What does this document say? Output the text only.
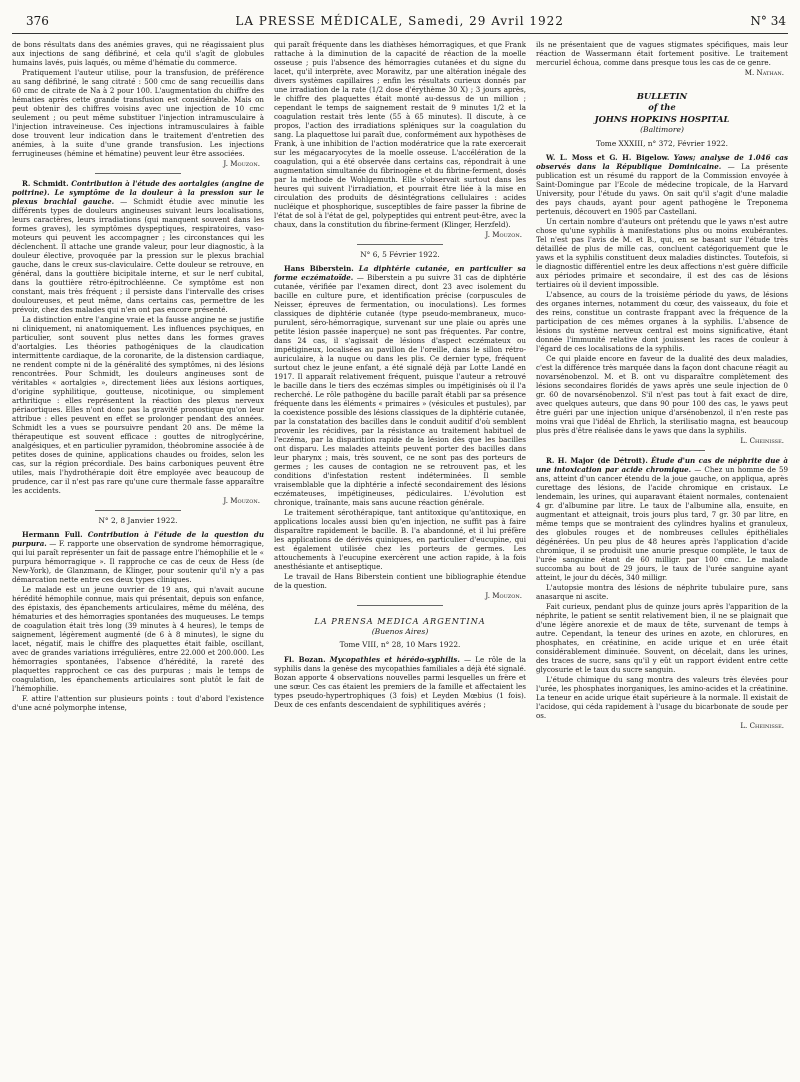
376	LA PRESSE MÉDICALE, Samedi, 29 Avril 1922	N° 34

de bons résultats dans des anémies graves, qui ne réagissaient plus aux injections de sang défibriné, et cela qu'il s'agît de globules humains lavés, puis laqués, ou même d'hématie du commerce.

Pratiquement l'auteur utilise, pour la transfusion, de préférence au sang défibriné, le sang citraté : 500 cmc de sang recueillis dans 60 cmc de citrate de Na à 2 pour 100. L'augmentation du chiffre des hématies après cette grande transfusion est considérable. Mais on peut obtenir des chiffres voisins avec une injection de 10 cmc seulement ; ou peut même substituer l'injection intramusculaire à l'injection intraveineuse. Ces injections intramusculaires à faible dose trouvent leur indication dans le traitement d'entretien des anémies, à la suite d'une grande transfusion. Les injections ferrugineuses (hémine et hématine) peuvent leur être associées.

J. Mouzon.

R. Schmidt. Contribution à l'étude des aortalgies (angine de poitrine). Le symptôme de la douleur à la pression sur le plexus brachial gauche. — Schmidt étudie avec minutie les différents types de douleurs angineuses suivant leurs localisations, leurs caractères, leurs irradiations (qui manquent souvent dans les formes graves), les symptômes dyspeptiques, respiratoires, vaso-moteurs qui peuvent les accompagner ; les circonstances qui les déclenchent. Il attache une grande valeur, pour leur diagnostic, à la douleur élective, provoquée par la pression sur le plexus brachial gauche, dans le creux sus-claviculaire. Cette douleur se retrouve, en général, dans la gouttière bicipitale interne, et sur le nerf cubital, dans la gouttière rétro-épitrochléenne. Ce symptôme est non constant, mais très fréquent ; il persiste dans l'intervalle des crises douloureuses, et peut même, dans certains cas, permettre de les prévoir, chez des malades qui n'en ont pas encore présenté.

La distinction entre l'angine vraie et la fausse angine ne se justifie ni cliniquement, ni anatomiquement. Les influences psychiques, en particulier, sont souvent plus nettes dans les formes graves d'aortalgies. Les théories pathogéniques de la claudication intermittente cardiaque, de la coronarite, de la distension cardiaque, ne rendent compte ni de la généralité des symptômes, ni des lésions rencontrées. Pour Schmidt, les douleurs angineuses sont de véritables « aortalgies », directement liées aux lésions aortiques, d'origine syphilitique, goutteuse, nicotinique, ou simplement arthritique : elles représentent la réaction des plexus nerveux périaortiques. Elles n'ont donc pas la gravité pronostique qu'on leur attribue : elles peuvent en effet se prolonger pendant des années. Schmidt les a vues se poursuivre pendant 20 ans. De même la thérapeutique est souvent efficace : gouttes de nitroglycérine, analgésiques, et en particulier pyramidon, théobromine associée à de petites doses de quinine, applications chaudes ou froides, selon les cas, sur la région précordiale. Des bains carboniques peuvent être utiles, mais l'hydrothérapie doit être employée avec beaucoup de prudence, car il n'est pas rare qu'une cure thermale fasse apparaître les accidents.

J. Mouzon.
N° 2, 8 Janvier 1922.

Hermann Full. Contribution à l'étude de la question du purpura. — F. rapporte une observation de syndrome hémorragique, qui lui paraît représenter un fait de passage entre l'hémophilie et le « purpura hémorragique ». Il rapproche ce cas de ceux de Hess (de New-York), de Glanzmann, de Klinger, pour soutenir qu'il n'y a pas démarcation nette entre ces deux types cliniques.

Le malade est un jeune ouvrier de 19 ans, qui n'avait aucune hérédité hémophile connue, mais qui présentait, depuis son enfance, des épistaxis, des épanchements articulaires, même du méléna, des hématuries et des hémorragies spontanées des muqueuses. Le temps de coagulation était très long (39 minutes à 4 heures), le temps de saignement, légèrement augmenté (de 6 à 8 minutes), le signe du lacet, négatif, mais le chiffre des plaquettes était faible, oscillant, avec de grandes variations irrégulières, entre 22.000 et 200.000. Les hémorragies spontanées, l'absence d'hérédité, la rareté des plaquettes rapprochent ce cas des purpuras ; mais le temps de coagulation, les épanchements articulaires sont plutôt le fait de l'hémophilie.

F. attire l'attention sur plusieurs points : tout d'abord l'existence d'une acné polymorphe intense,

qui paraît fréquente dans les diathèses hémorragiques, et que Frank rattache à la diminution de la capacité de réaction de la moelle osseuse ; puis l'absence des hémorragies cutanées et du signe du lacet, qu'il interprète, avec Morawitz, par une altération inégale des divers systèmes capillaires ; enfin les résultats curieux donnés par une irradiation de la rate (1/2 dose d'érythème 30 X) ; 3 jours après, le chiffre des plaquettes était monté au-dessus de un million ; cependant le temps de saignement restait de 9 minutes 1/2 et la coagulation restait très lente (55 à 65 minutes). Il discute, à ce propos, l'action des irradiations spléniques sur la coagulation du sang. La plaquettose lui paraît due, conformément aux hypothèses de Frank, à une inhibition de l'action modératrice que la rate exercerait sur les mégacaryocytes de la moelle osseuse. L'accélération de la coagulation, qui a été observée dans certains cas, répondrait à une augmentation simultanée du fibrinogène et du fibrine-ferment, dosés par la méthode de Wohlgemuth. Elle s'observait surtout dans les heures qui suivent l'irradiation, et pourrait être liée à la mise en circulation des produits de désintégrations cellulaires : acides nucléique et phosphorique, susceptibles de faire passer la fibrine de l'état de sol à l'état de gel, polypeptides qui entrent peut-être, avec la chaux, dans la constitution du fibrine-ferment (Klinger, Herzfeld).

J. Mouzon.
N° 6, 5 Février 1922.

Hans Biberstein. La diphtérie cutanée, en particulier sa forme eczématoïde. — Biberstein a pu suivre 31 cas de diphtérie cutanée, vérifiée par l'examen direct, dont 23 avec isolement du bacille en culture pure, et identification précise (corpuscules de Neisser, épreuves de fermentation, ou inoculations). Les formes classiques de diphtérie cutanée (type pseudo-membraneux, muco-purulent, séro-hémorragique, survenant sur une plaie ou après une petite lésion passée inaperçue) ne sont pas fréquentes. Par contre, dans 24 cas, il s'agissait de lésions d'aspect eczémateux ou impétigineux, localisées au pavillon de l'oreille, dans le sillon rétro-auriculaire, à la nuque ou dans les plis. Ce dernier type, fréquent surtout chez le jeune enfant, a été signalé déjà par Lotte Landé en 1917. Il apparaît relativement fréquent, puisque l'auteur a retrouvé le bacille dans le tiers des eczémas simples ou impétiginisés où il l'a recherché. Le rôle pathogène du bacille paraît établi par sa présence fréquente dans les éléments « primaires » (vésicules et pustules), par la coexistence possible des lésions classiques de la diphtérie cutanée, par la constatation des bacilles dans le conduit auditif d'où semblent provenir les récidives, par la résistance au traitement habituel de l'eczéma, par la disparition rapide de la lésion dès que les bacilles ont disparu. Les malades atteints peuvent porter des bacilles dans leur pharynx ; mais, très souvent, ce ne sont pas des porteurs de germes ; les causes de contagion ne se retrouvent pas, et les conditions d'infestation restent indéterminées. Il semble vraisemblable que la diphtérie a infecté secondairement des lésions eczémateuses, impétigineuses, pédiculaires. L'évolution est chronique, traînante, mais sans aucune réaction générale.

Le traitement sérothérapique, tant antitoxique qu'antitoxique, en applications locales aussi bien qu'en injection, ne suffit pas à faire disparaître rapidement le bacille. B. l'a abandonné, et il lui préfère les applications de dérivés quiniques, en particulier d'eucupine, qui est également utilisée chez les porteurs de germes. Les attouchements à l'eucupine exercèrent une action rapide, à la fois anesthésiante et antiseptique.

Le travail de Hans Biberstein contient une bibliographie étendue de la question.

J. Mouzon.
LA PRENSA MEDICA ARGENTINA
(Buenos Aires)
Tome VIII, n° 28, 10 Mars 1922.

Fl. Bozan. Mycopathies et hérédo-syphilis. — Le rôle de la syphilis dans la genèse des mycopathies familiales a déjà été signalé. Bozan apporte 4 observations nouvelles parmi lesquelles un frère et une sœur. Ces cas étaient les premiers de la famille et affectaient les types pseudo-hypertrophiques (3 fois) et Leyden Mœbius (1 fois). Deux de ces enfants descendaient de syphilitiques avérés ;

ils ne présentaient que de vagues stigmates spécifiques, mais leur réaction de Wassermann était fortement positive. Le traitement mercuriel échoua, comme dans presque tous les cas de ce genre.

M. Nathan.
BULLETIN
of the
JOHNS HOPKINS HOSPITAL
(Baltimore)
Tome XXXIII, n° 372, Février 1922.

W. L. Moss et G. H. Bigelow. Yaws; analyse de 1.046 cas observés dans la République Dominicaine. — La présente publication est un résumé du rapport de la Commission envoyée à Saint-Domingue par l'Ecole de médecine tropicale, de la Harvard University, pour l'étude du yaws. On sait qu'il s'agit d'une maladie des pays chauds, ayant pour agent pathogène le Treponema pertenuis, découvert en 1905 par Castellani.

Un certain nombre d'auteurs ont prétendu que le yaws n'est autre chose qu'une syphilis à manifestations plus ou moins exubérantes. Tel n'est pas l'avis de M. et B., qui, en se basant sur l'étude très détaillée de plus de mille cas, concluent catégoriquement que le yaws et la syphilis constituent deux maladies distinctes. Toutefois, si le diagnostic différentiel entre les deux affections n'est guère difficile aux périodes primaire et secondaire, il est des cas de lésions tertiaires où il devient impossible.

L'absence, au cours de la troisième période du yaws, de lésions des organes internes, notamment du cœur, des vaisseaux, du foie et des reins, constitue un contraste frappant avec la fréquence de la participation de ces mêmes organes à la syphilis. L'absence de lésions du système nerveux central est moins significative, étant donnée l'immunité relative dont jouissent les races de couleur à l'égard de ces localisations de la syphilis.

Ce qui plaide encore en faveur de la dualité des deux maladies, c'est la différence très marquée dans la façon dont chacune réagit au novarsénobenzol. M. et B. ont vu disparaître complètement des lésions secondaires floridés de yaws après une seule injection de 0 gr. 60 de novarsénobenzol. S'il n'est pas tout à fait exact de dire, avec quelques auteurs, que dans 90 pour 100 des cas, le yaws peut être guéri par une injection unique d'arsénobenzol, il n'en reste pas moins vrai que l'idéal de Ehrlich, la sterilisatio magna, est beaucoup plus près d'être réalisée dans le yaws que dans la syphilis.

L. Cheinisse.

R. H. Major (de Détroit). Étude d'un cas de néphrite due à une intoxication par acide chromique. — Chez un homme de 59 ans, atteint d'un cancer étendu de la joue gauche, on appliqua, après curettage des lésions, de l'acide chromique en cristaux. Le lendemain, les urines, qui auparavant étaient normales, contenaient 4 gr. d'albumine par litre. Le taux de l'albumine alla, ensuite, en augmentant et atteignait, trois jours plus tard, 7 gr. 30 par litre, en même temps que se montraient des cylindres hyalins et granuleux, des globules rouges et de nombreuses cellules épithéliales dégénérées. Un peu plus de 48 heures après l'application d'acide chromique, il se produisit une anurie presque complète, le taux de l'urée sanguine étant de 60 milligr. par 100 cmc. Le malade succomba au bout de 29 jours, le taux de l'urée sanguine ayant atteint, le jour du décès, 340 milligr.

L'autopsie montra des lésions de néphrite tubulaire pure, sans anasarque ni ascite.

Fait curieux, pendant plus de quinze jours après l'apparition de la néphrite, le patient se sentit relativement bien, il ne se plaignait que d'une légère anorexie et de maux de tête, survenant de temps à autre. Cependant, la teneur des urines en azote, en chlorures, en phosphates, en créatinine, en acide urique et en urée était considérablement diminuée. Souvent, on décelait, dans les urines, des traces de sucre, sans qu'il y eût un rapport évident entre cette glycosurie et le taux du sucre sanguin.

L'étude chimique du sang montra des valeurs très élevées pour l'urée, les phosphates inorganiques, les amino-acides et la créatinine. La teneur en acide urique était supérieure à la normale. Il existait de l'acidose, qui céda rapidement à l'usage du bicarbonate de soude per os.

L. Cheinisse.
